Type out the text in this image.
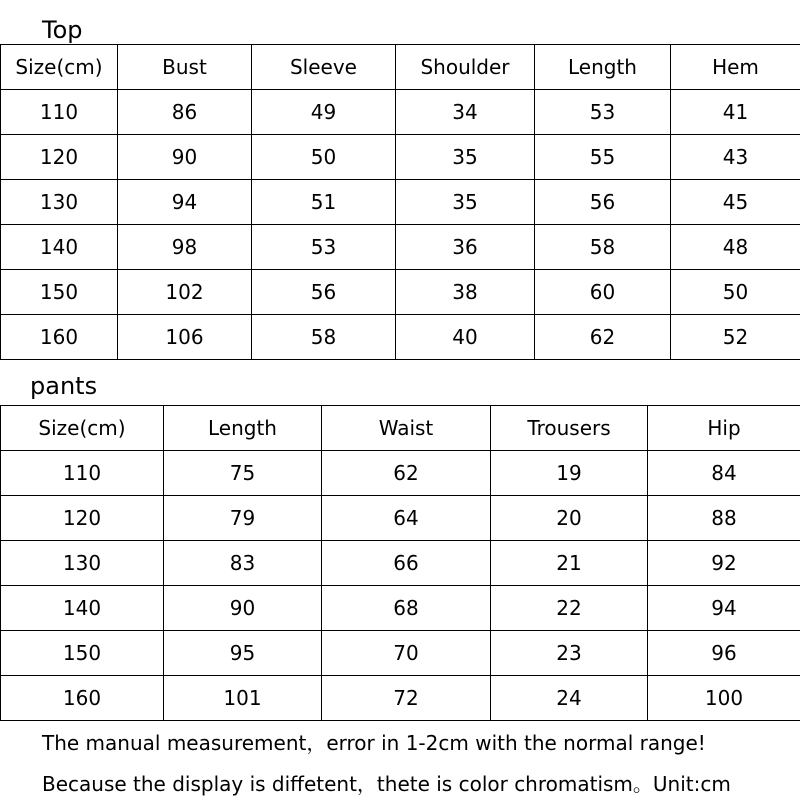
Top
Size(cm)	Bust	Sleeve	Shoulder	Length	Hem
110	86	49	34	53	41
120	90	50	35	55	43
130	94	51	35	56	45
140	98	53	36	58	48
150	102	56	38	60	50
160	106	58	40	62	52
pants
Size(cm)	Length	Waist	Trousers	Hip
110	75	62	19	84
120	79	64	20	88
130	83	66	21	92
140	90	68	22	94
150	95	70	23	96
160	101	72	24	100
The manual measurement，error in 1-2cm with the normal range!
Because the display is diffetent，thete is color chromatism。Unit:cm
